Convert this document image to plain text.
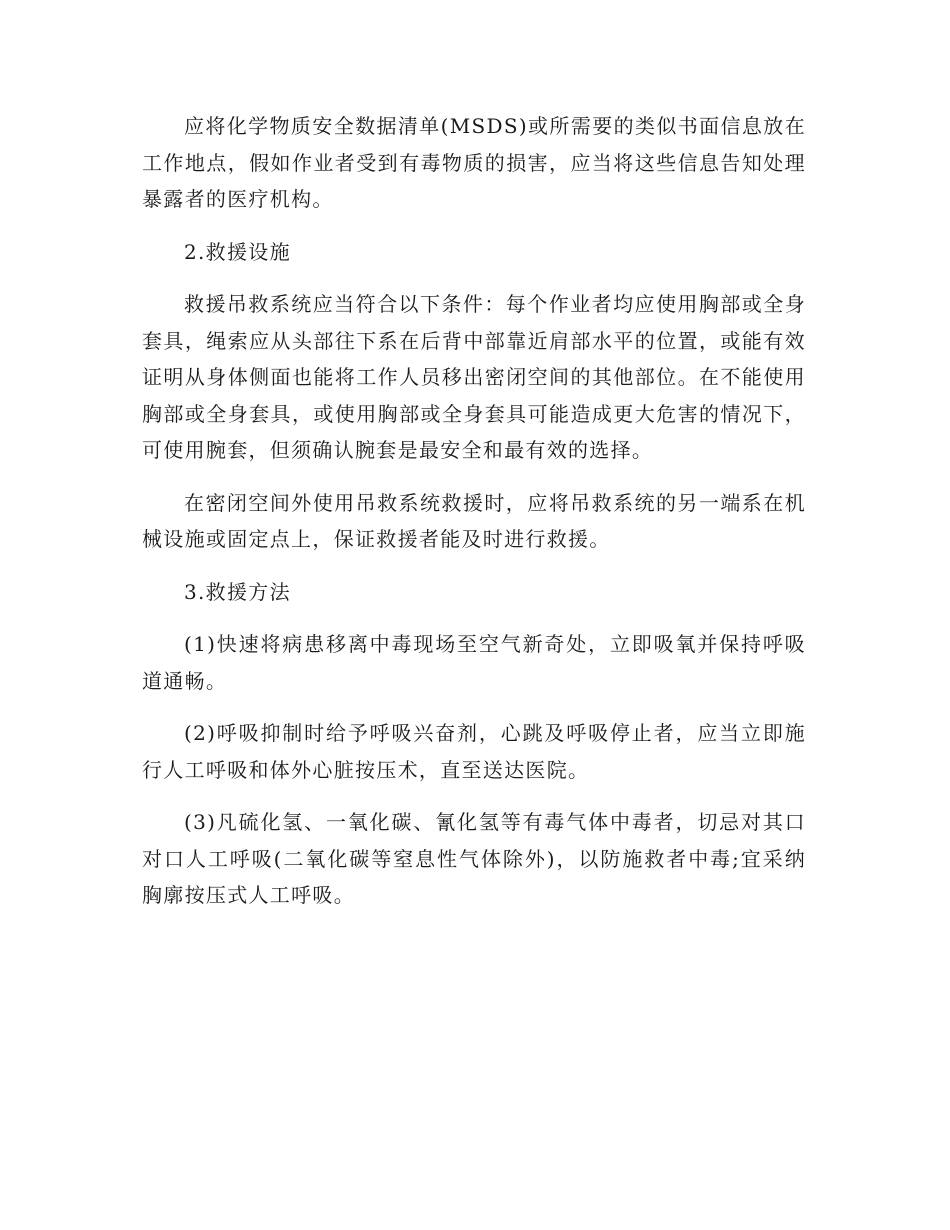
应将化学物质安全数据清单(MSDS)或所需要的类似书面信息放在工作地点，假如作业者受到有毒物质的损害，应当将这些信息告知处理暴露者的医疗机构。

2.救援设施

救援吊救系统应当符合以下条件：每个作业者均应使用胸部或全身套具，绳索应从头部往下系在后背中部靠近肩部水平的位置，或能有效证明从身体侧面也能将工作人员移出密闭空间的其他部位。在不能使用胸部或全身套具，或使用胸部或全身套具可能造成更大危害的情况下，可使用腕套，但须确认腕套是最安全和最有效的选择。

在密闭空间外使用吊救系统救援时，应将吊救系统的另一端系在机械设施或固定点上，保证救援者能及时进行救援。

3.救援方法

(1)快速将病患移离中毒现场至空气新奇处，立即吸氧并保持呼吸道通畅。

(2)呼吸抑制时给予呼吸兴奋剂，心跳及呼吸停止者，应当立即施行人工呼吸和体外心脏按压术，直至送达医院。

(3)凡硫化氢、一氧化碳、氰化氢等有毒气体中毒者，切忌对其口对口人工呼吸(二氧化碳等窒息性气体除外)，以防施救者中毒;宜采纳胸廓按压式人工呼吸。
